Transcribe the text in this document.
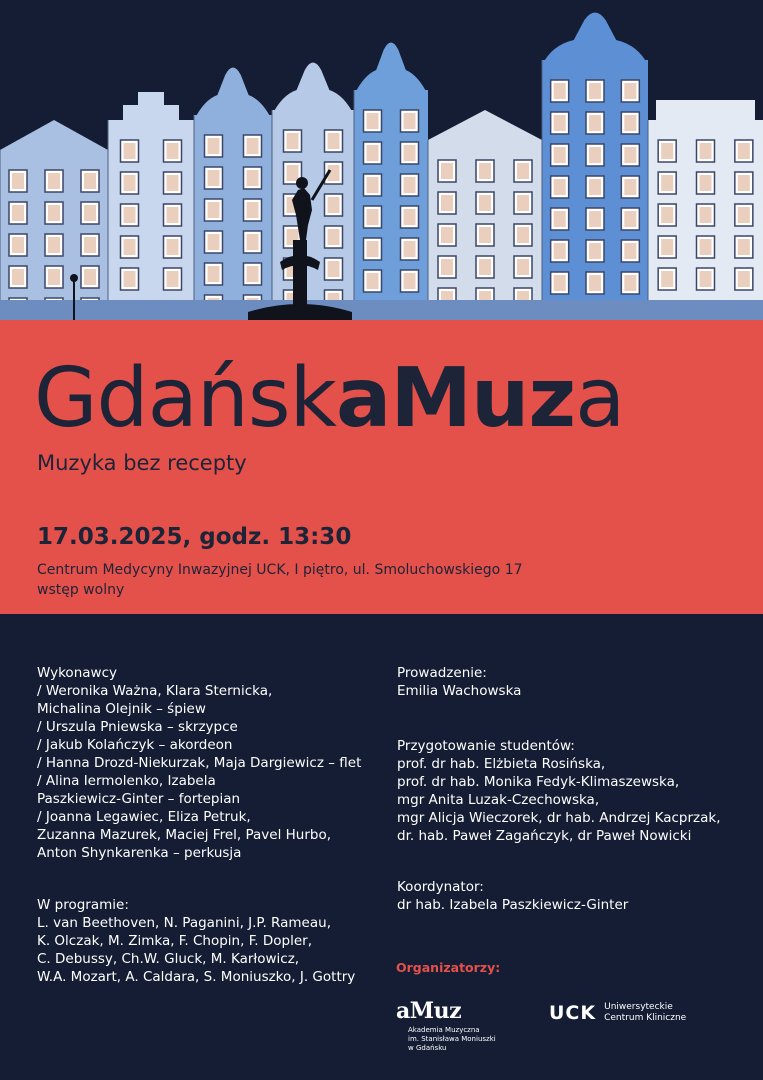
GdańskaMuza
Muzyka bez recepty
17.03.2025, godz. 13:30

Centrum Medycyny Inwazyjnej UCK, I piętro, ul. Smoluchowskiego 17

wstęp wolny

Wykonawcy

/ Weronika Ważna, Klara Sternicka,

Michalina Olejnik – śpiew

/ Urszula Pniewska – skrzypce

/ Jakub Kolańczyk – akordeon

/ Hanna Drozd-Niekurzak, Maja Dargiewicz – flet

/ Alina Iermolenko, Izabela

Paszkiewicz-Ginter – fortepian

/ Joanna Legawiec, Eliza Petruk,

Zuzanna Mazurek, Maciej Frel, Pavel Hurbo,

Anton Shynkarenka – perkusja

W programie:

L. van Beethoven, N. Paganini, J.P. Rameau,

K. Olczak, M. Zimka, F. Chopin, F. Dopler,

C. Debussy, Ch.W. Gluck, M. Karłowicz,

W.A. Mozart, A. Caldara, S. Moniuszko, J. Gottry

Prowadzenie:

Emilia Wachowska

Przygotowanie studentów:

prof. dr hab. Elżbieta Rosińska,

prof. dr hab. Monika Fedyk-Klimaszewska,

mgr Anita Luzak-Czechowska,

mgr Alicja Wieczorek, dr hab. Andrzej Kacprzak,

dr. hab. Paweł Zagańczyk, dr Paweł Nowicki

Koordynator:

dr hab. Izabela Paszkiewicz-Ginter

Organizatorzy:
aMuz

Akademia Muzyczna

im. Stanisława Moniuszki

w Gdańsku

UCK Uniwersyteckie

Centrum Kliniczne
